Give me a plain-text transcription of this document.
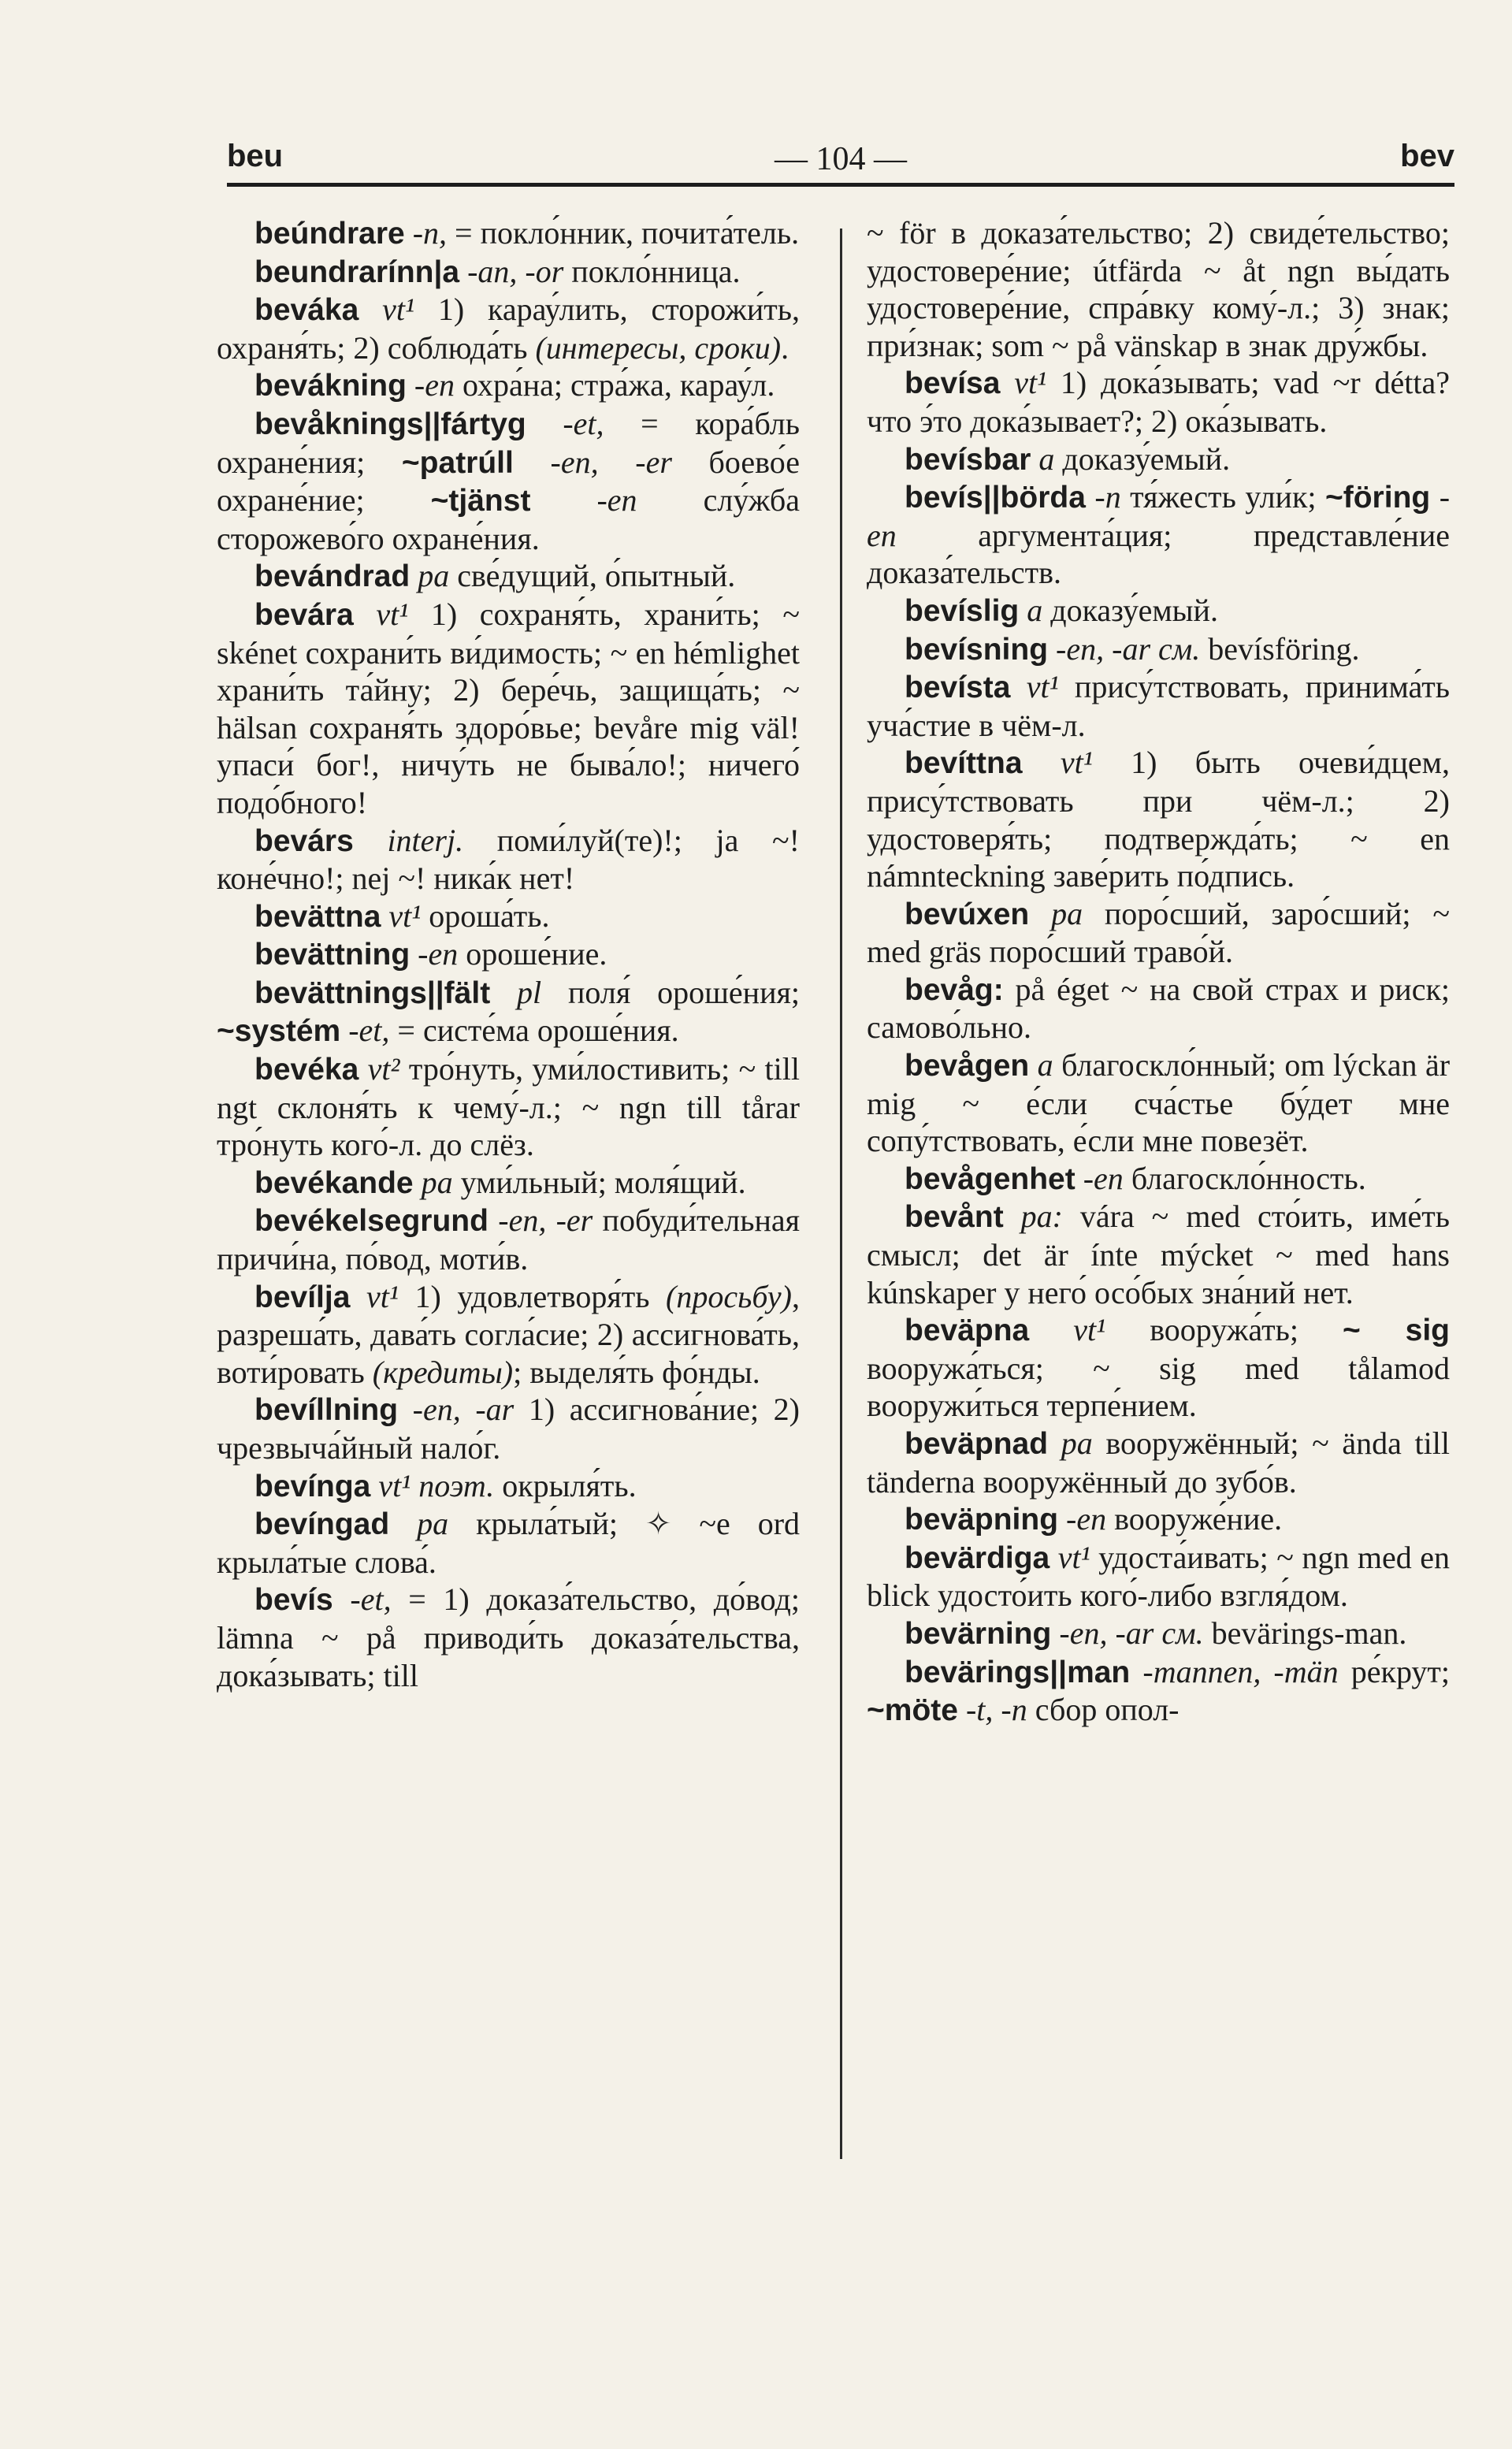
beu	— 104 —	bev

beúndrare -n, = покло́нник, почита́тель.

beundrarínn|a -an, -or покло́нница.

beváka vt¹ 1) карау́лить, сторожи́ть, охраня́ть; 2) соблюда́ть (интересы, сроки).

bevákning -en охра́на; стра́жа, карау́л.

bevåknings||fártyg -et, = кора́бль охране́ния; ~patrúll -en, -er боево́е охране́ние; ~tjänst -en слу́жба сторожево́го охране́ния.

bevándrad pa све́дущий, о́пытный.

bevára vt¹ 1) сохраня́ть, храни́ть; ~ skénet сохрани́ть ви́димость; ~ en hémlighet храни́ть та́йну; 2) бере́чь, защища́ть; ~ hälsan сохраня́ть здоро́вье; bevåre mig väl! упаси́ бог!, ничу́ть не быва́ло!; ничего́ подо́бного!

bevárs interj. поми́луй(те)!; ja ~! коне́чно!; nej ~! ника́к нет!

bevättna vt¹ ороша́ть.

bevättning -en ороше́ние.

bevättnings||fält pl поля́ ороше́ния; ~systém -et, = систе́ма ороше́ния.

bevéka vt² тро́нуть, уми́лостивить; ~ till ngt склоня́ть к чему́-л.; ~ ngn till tårar тро́нуть кого́-л. до слёз.

bevékande pa уми́льный; моля́щий.

bevékelsegrund -en, -er побуди́тельная причи́на, по́вод, моти́в.

bevílja vt¹ 1) удовлетворя́ть (просьбу), разреша́ть, дава́ть согла́сие; 2) ассигнова́ть, воти́ровать (кредиты); выделя́ть фо́нды.

bevíllning -en, -ar 1) ассигнова́ние; 2) чрезвыча́йный нало́г.

bevínga vt¹ поэт. окрыля́ть.

bevíngad pa крыла́тый; ✧ ~e ord крыла́тые слова́.

bevís -et, = 1) доказа́тельство, до́вод; lämna ~ på приводи́ть доказа́тельства, дока́зывать; till

~ för в доказа́тельство; 2) свиде́тельство; удостовере́ние; útfärda ~ åt ngn вы́дать удостовере́ние, спра́вку кому́-л.; 3) знак; при́знак; som ~ på vänskap в знак дру́жбы.

bevísa vt¹ 1) дока́зывать; vad ~r détta? что э́то дока́зывает?; 2) ока́зывать.

bevísbar a доказу́емый.

bevís||börda -n тя́жесть ули́к; ~föring -en аргумента́ция; представле́ние доказа́тельств.

bevíslig a доказу́емый.

bevísning -en, -ar см. bevísföring.

bevísta vt¹ прису́тствовать, принима́ть уча́стие в чём-л.

bevíttna vt¹ 1) быть очеви́дцем, прису́тствовать при чём-л.; 2) удостоверя́ть; подтвержда́ть; ~ en námnteckning заве́рить по́дпись.

bevúxen pa поро́сший, заро́сший; ~ med gräs поро́сший траво́й.

bevåg: på éget ~ на свой страх и риск; самово́льно.

bevågen a благоскло́нный; om lýckan är mig ~ е́сли сча́стье бу́дет мне сопу́тствовать, е́сли мне повезёт.

bevågenhet -en благоскло́нность.

bevånt pa: vára ~ med сто́ить, име́ть смысл; det är ínte mýcket ~ med hans kúnskaper у него́ осо́бых зна́ний нет.

beväpna vt¹ вооружа́ть; ~ sig вооружа́ться; ~ sig med tålamod вооружи́ться терпе́нием.

beväpnad pa вооружённый; ~ ända till tänderna вооружённый до зубо́в.

beväpning -en вооруже́ние.

bevärdiga vt¹ удоста́ивать; ~ ngn med en blick удосто́ить кого́-либо взгля́дом.

bevärning -en, -ar см. bevärings-man.

bevärings||man -mannen, -män ре́крут; ~möte -t, -n сбор опол-
